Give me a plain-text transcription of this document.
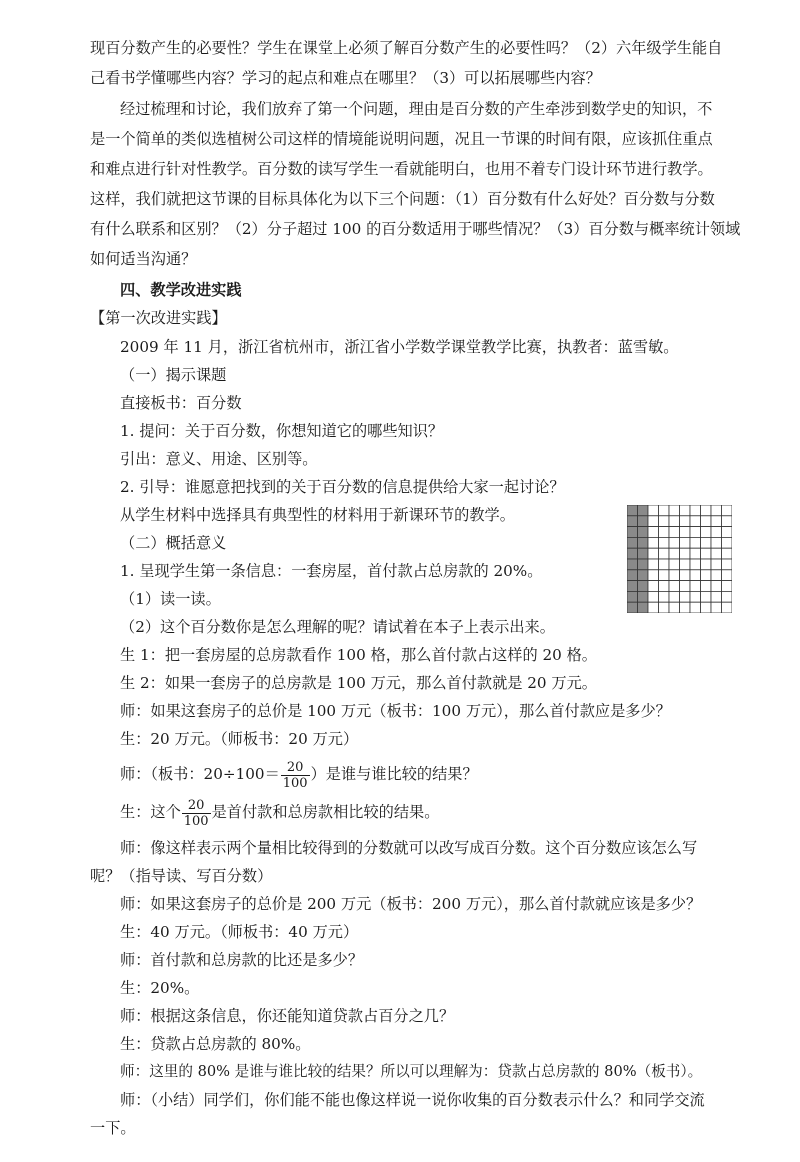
现百分数产生的必要性？学生在课堂上必须了解百分数产生的必要性吗？（2）六年级学生能自
己看书学懂哪些内容？学习的起点和难点在哪里？（3）可以拓展哪些内容？
经过梳理和讨论，我们放弃了第一个问题，理由是百分数的产生牵涉到数学史的知识，不
是一个简单的类似选植树公司这样的情境能说明问题，况且一节课的时间有限，应该抓住重点
和难点进行针对性教学。百分数的读写学生一看就能明白，也用不着专门设计环节进行教学。
这样，我们就把这节课的目标具体化为以下三个问题：（1）百分数有什么好处？百分数与分数
有什么联系和区别？（2）分子超过 100 的百分数适用于哪些情况？（3）百分数与概率统计领域
如何适当沟通？
四、教学改进实践
【第一次改进实践】
2009 年 11 月，浙江省杭州市，浙江省小学数学课堂教学比赛，执教者：蓝雪敏。
（一）揭示课题
直接板书：百分数
1. 提问：关于百分数，你想知道它的哪些知识？
引出：意义、用途、区别等。
2. 引导：谁愿意把找到的关于百分数的信息提供给大家一起讨论？
从学生材料中选择具有典型性的材料用于新课环节的教学。
（二）概括意义
1. 呈现学生第一条信息：一套房屋，首付款占总房款的 20%。
（1）读一读。
（2）这个百分数你是怎么理解的呢？请试着在本子上表示出来。
生 1：把一套房屋的总房款看作 100 格，那么首付款占这样的 20 格。
生 2：如果一套房子的总房款是 100 万元，那么首付款就是 20 万元。
师：如果这套房子的总价是 100 万元（板书：100 万元），那么首付款应是多少？
生：20 万元。（师板书：20 万元）
师：（板书：$20\div 100= \frac{20}{100}$ ）是谁与谁比较的结果？
生：这个 $\frac{20}{100}$ 是首付款和总房款相比较的结果。
师：像这样表示两个量相比较得到的分数就可以改写成百分数。这个百分数应该怎么写
呢？（指导读、写百分数）
师：如果这套房子的总价是 200 万元（板书：200 万元），那么首付款就应该是多少？
生：40 万元。（师板书：40 万元）
师：首付款和总房款的比还是多少？
生：20%。
师：根据这条信息，你还能知道贷款占百分之几？
生：贷款占总房款的 80%。
师：这里的 80% 是谁与谁比较的结果？所以可以理解为：贷款占总房款的 80%（板书）。
师：（小结）同学们，你们能不能也像这样说一说你收集的百分数表示什么？和同学交流
一下。
